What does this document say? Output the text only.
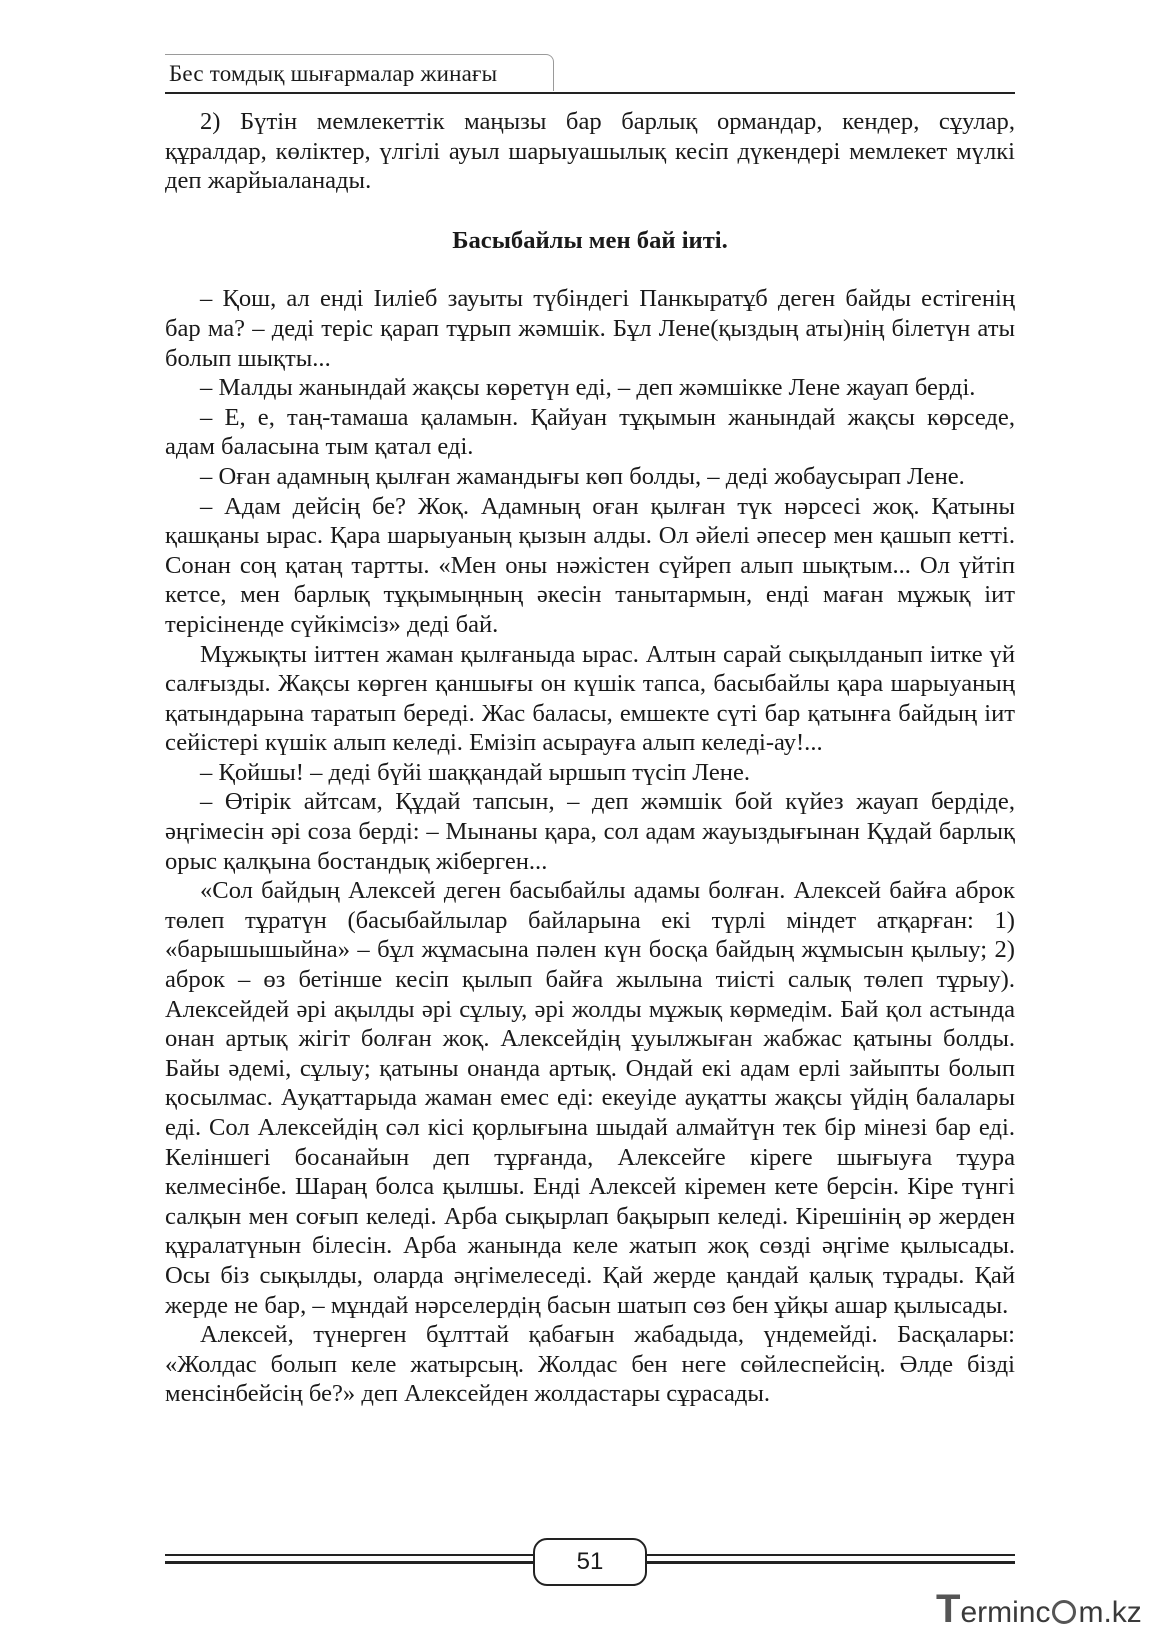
Бес томдық шығармалар жинағы

2) Бүтін мемлекеттік маңызы бар барлық ормандар, кендер, сұулар, құралдар, көліктер, үлгілі ауыл шарыуашылық кесіп дүкендері мемлекет мүлкі деп жарйыаланады.

Басыбайлы мен бай іиті.

– Қош, ал енді Іиліеб зауыты түбіндегі Панкыратұб деген байды естігенің бар ма? – деді теріс қарап тұрып жәмшік. Бұл Лене(қыздың аты)нің білетүн аты болып шықты...

– Малды жанындай жақсы көретүн еді, – деп жәмшікке Лене жауап берді.

– Е, е, таң-тамаша қаламын. Қайуан тұқымын жанындай жақсы көрседе, адам баласына тым қатал еді.

– Оған адамның қылған жамандығы көп болды, – деді жобаусырап Лене.

– Адам дейсің бе? Жоқ. Адамның оған қылған түк нәрсесі жоқ. Қатыны қашқаны ырас. Қара шарыуаның қызын алды. Ол әйелі әпесер мен қашып кетті. Сонан соң қатаң тартты. «Мен оны нәжістен сүйреп алып шықтым... Ол үйтіп кетсе, мен барлық тұқымыңның әкесін танытармын, енді маған мұжық іит терісіненде сүйкімсіз» деді бай.

Мұжықты іиттен жаман қылғаныда ырас. Алтын сарай сықылданып іитке үй салғызды. Жақсы көрген қаншығы он күшік тапса, басыбайлы қара шарыуаның қатындарына таратып береді. Жас баласы, емшекте сүті бар қатынға байдың іит сейістері күшік алып келеді. Емізіп асырауға алып келеді-ау!...

– Қойшы! – деді бүйі шаққандай ыршып түсіп Лене.

– Өтірік айтсам, Құдай тапсын, – деп жәмшік бой күйез жауап бердіде, әңгімесін әрі соза берді: – Мынаны қара, сол адам жауыздығынан Құдай барлық орыс қалқына бостандық жіберген...

«Сол байдың Алексей деген басыбайлы адамы болған. Алексей байға аброк төлеп тұратүн (басыбайлылар байларына екі түрлі міндет атқарған: 1) «барышышыйна» – бұл жұмасына пәлен күн босқа байдың жұмысын қылыу; 2) аброк – өз бетінше кесіп қылып байға жылына тиісті салық төлеп тұрыу). Алексейдей әрі ақылды әрі сұлыу, әрі жолды мұжық көрмедім. Бай қол астында онан артық жігіт болған жоқ. Алексейдің ұуылжыған жабжас қатыны болды. Байы әдемі, сұлыу; қатыны онанда артық. Ондай екі адам ерлі зайыпты болып қосылмас. Ауқаттарыда жаман емес еді: екеуіде ауқатты жақсы үйдің балалары еді. Сол Алексейдің сәл кісі қорлығына шыдай алмайтүн тек бір мінезі бар еді. Келіншегі босанайын деп тұрғанда, Алексейге кіреге шығыуға тұура келмесінбе. Шараң болса қылшы. Енді Алексей кіремен кете берсін. Кіре түнгі салқын мен соғып келеді. Арба сықырлап бақырып келеді. Кірешінің әр жерден құралатүнын білесін. Арба жанында келе жатып жоқ сөзді әңгіме қылысады. Осы біз сықылды, оларда әңгімелеседі. Қай жерде қандай қалық тұрады. Қай жерде не бар, – мұндай нәрселердің басын шатып сөз бен ұйқы ашар қылысады.

Алексей, түнерген бұлттай қабағын жабадыда, үндемейді. Басқалары: «Жолдас болып келе жатырсың. Жолдас бен неге сөйлеспейсің. Әлде бізді менсінбейсің бе?» деп Алексейден жолдастары сұрасады.

51
Terminc m.kz
